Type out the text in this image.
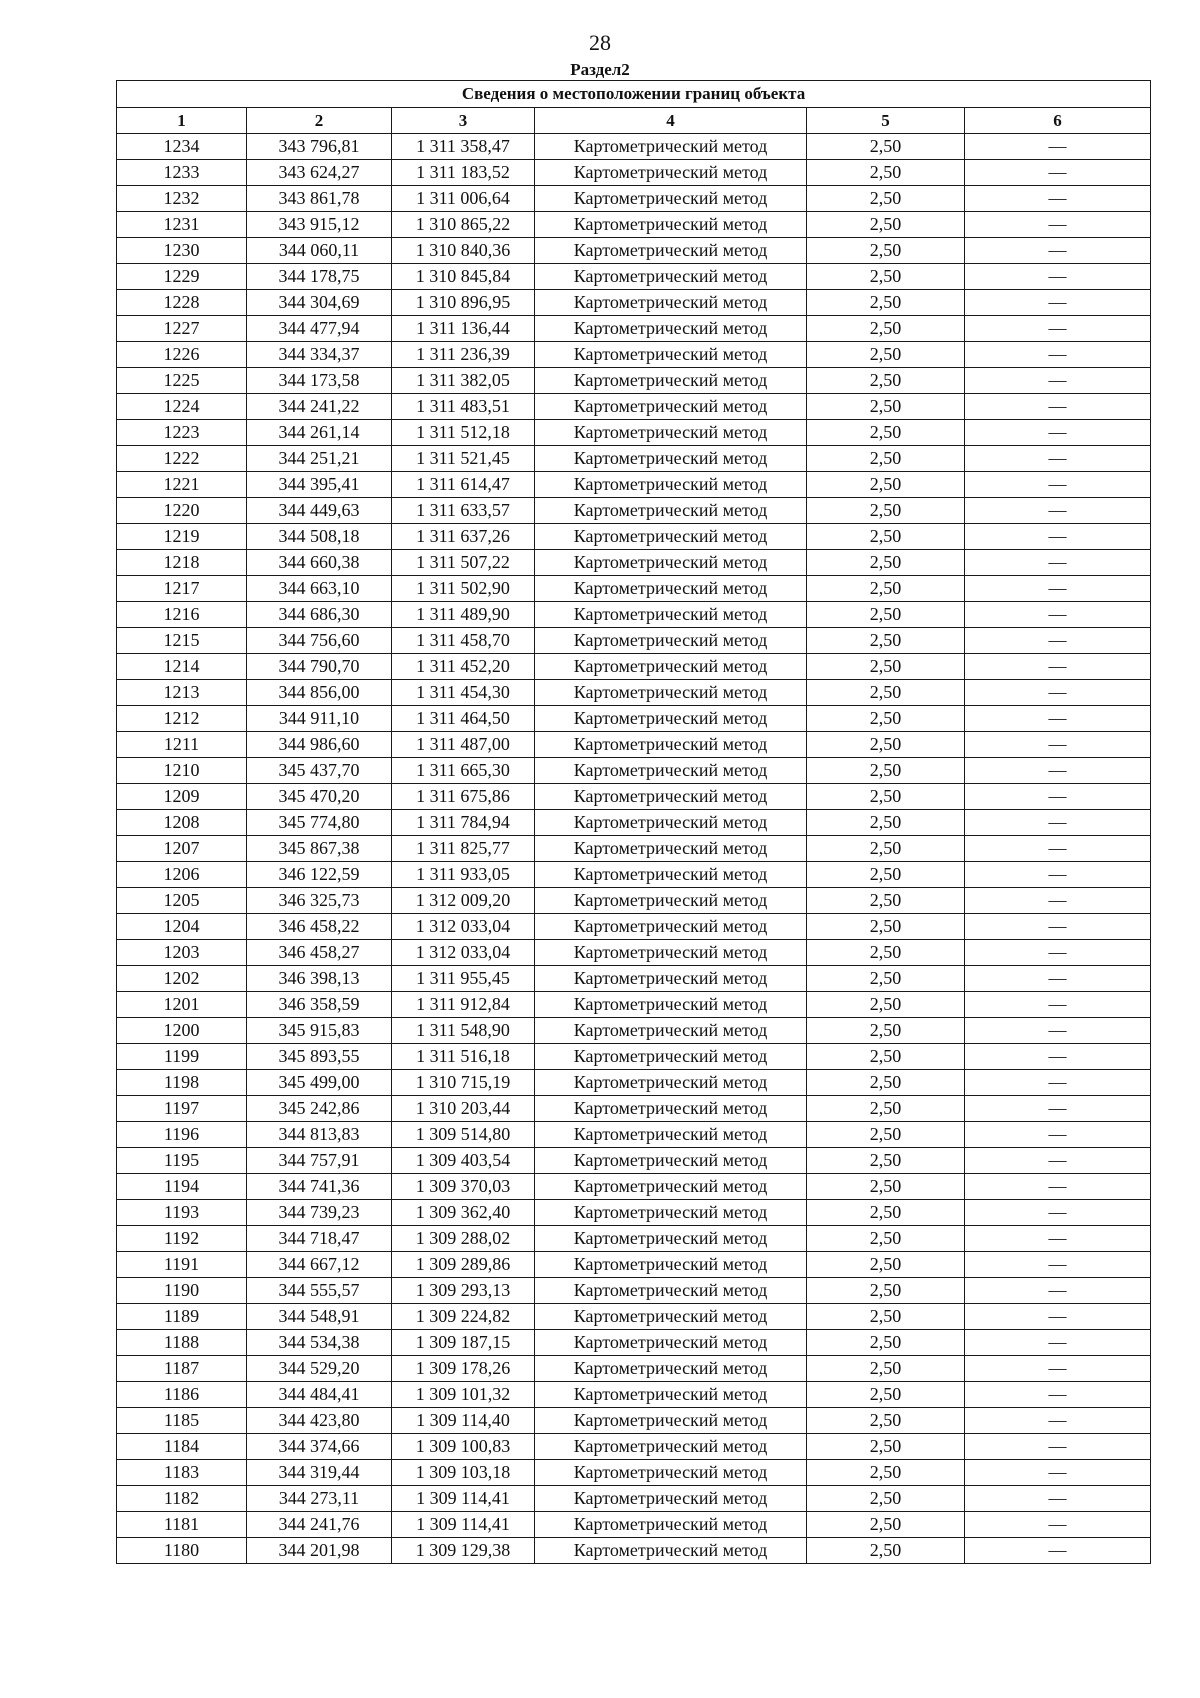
28
Раздел2
Сведения о местоположении границ объекта					
1	2	3	4	5	6
1234	343 796,81	1 311 358,47	Картометрический метод	2,50	—
1233	343 624,27	1 311 183,52	Картометрический метод	2,50	—
1232	343 861,78	1 311 006,64	Картометрический метод	2,50	—
1231	343 915,12	1 310 865,22	Картометрический метод	2,50	—
1230	344 060,11	1 310 840,36	Картометрический метод	2,50	—
1229	344 178,75	1 310 845,84	Картометрический метод	2,50	—
1228	344 304,69	1 310 896,95	Картометрический метод	2,50	—
1227	344 477,94	1 311 136,44	Картометрический метод	2,50	—
1226	344 334,37	1 311 236,39	Картометрический метод	2,50	—
1225	344 173,58	1 311 382,05	Картометрический метод	2,50	—
1224	344 241,22	1 311 483,51	Картометрический метод	2,50	—
1223	344 261,14	1 311 512,18	Картометрический метод	2,50	—
1222	344 251,21	1 311 521,45	Картометрический метод	2,50	—
1221	344 395,41	1 311 614,47	Картометрический метод	2,50	—
1220	344 449,63	1 311 633,57	Картометрический метод	2,50	—
1219	344 508,18	1 311 637,26	Картометрический метод	2,50	—
1218	344 660,38	1 311 507,22	Картометрический метод	2,50	—
1217	344 663,10	1 311 502,90	Картометрический метод	2,50	—
1216	344 686,30	1 311 489,90	Картометрический метод	2,50	—
1215	344 756,60	1 311 458,70	Картометрический метод	2,50	—
1214	344 790,70	1 311 452,20	Картометрический метод	2,50	—
1213	344 856,00	1 311 454,30	Картометрический метод	2,50	—
1212	344 911,10	1 311 464,50	Картометрический метод	2,50	—
1211	344 986,60	1 311 487,00	Картометрический метод	2,50	—
1210	345 437,70	1 311 665,30	Картометрический метод	2,50	—
1209	345 470,20	1 311 675,86	Картометрический метод	2,50	—
1208	345 774,80	1 311 784,94	Картометрический метод	2,50	—
1207	345 867,38	1 311 825,77	Картометрический метод	2,50	—
1206	346 122,59	1 311 933,05	Картометрический метод	2,50	—
1205	346 325,73	1 312 009,20	Картометрический метод	2,50	—
1204	346 458,22	1 312 033,04	Картометрический метод	2,50	—
1203	346 458,27	1 312 033,04	Картометрический метод	2,50	—
1202	346 398,13	1 311 955,45	Картометрический метод	2,50	—
1201	346 358,59	1 311 912,84	Картометрический метод	2,50	—
1200	345 915,83	1 311 548,90	Картометрический метод	2,50	—
1199	345 893,55	1 311 516,18	Картометрический метод	2,50	—
1198	345 499,00	1 310 715,19	Картометрический метод	2,50	—
1197	345 242,86	1 310 203,44	Картометрический метод	2,50	—
1196	344 813,83	1 309 514,80	Картометрический метод	2,50	—
1195	344 757,91	1 309 403,54	Картометрический метод	2,50	—
1194	344 741,36	1 309 370,03	Картометрический метод	2,50	—
1193	344 739,23	1 309 362,40	Картометрический метод	2,50	—
1192	344 718,47	1 309 288,02	Картометрический метод	2,50	—
1191	344 667,12	1 309 289,86	Картометрический метод	2,50	—
1190	344 555,57	1 309 293,13	Картометрический метод	2,50	—
1189	344 548,91	1 309 224,82	Картометрический метод	2,50	—
1188	344 534,38	1 309 187,15	Картометрический метод	2,50	—
1187	344 529,20	1 309 178,26	Картометрический метод	2,50	—
1186	344 484,41	1 309 101,32	Картометрический метод	2,50	—
1185	344 423,80	1 309 114,40	Картометрический метод	2,50	—
1184	344 374,66	1 309 100,83	Картометрический метод	2,50	—
1183	344 319,44	1 309 103,18	Картометрический метод	2,50	—
1182	344 273,11	1 309 114,41	Картометрический метод	2,50	—
1181	344 241,76	1 309 114,41	Картометрический метод	2,50	—
1180	344 201,98	1 309 129,38	Картометрический метод	2,50	—
